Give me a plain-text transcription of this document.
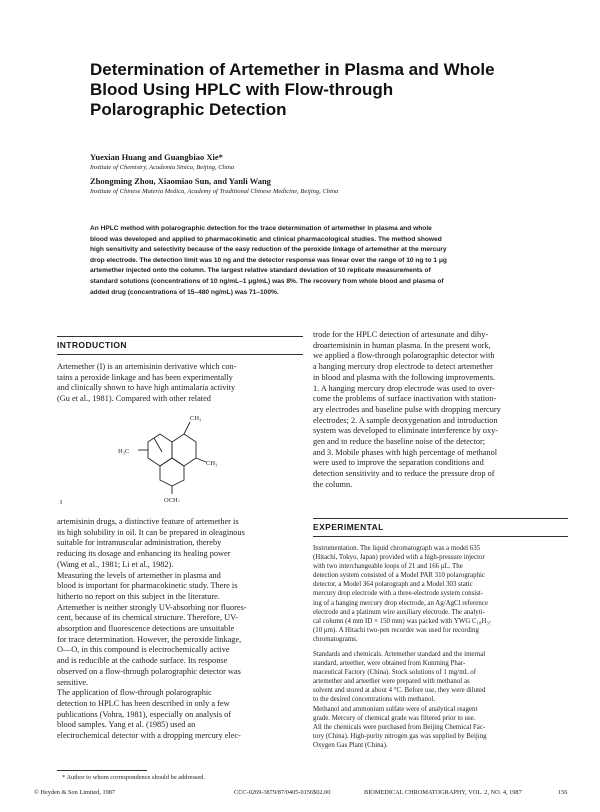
Determination of Artemether in Plasma and Whole
Blood Using HPLC with Flow-through
Polarographic Detection
Yuexian Huang and Guangbiao Xie*
Institute of Chemistry, Academia Sinica, Beijing, China
Zhongming Zhou, Xiaomiao Sun, and Yanli Wang
Institute of Chinese Materia Medica, Academy of Traditional Chinese Medicine, Beijing, China
An HPLC method with polarographic detection for the trace determination of artemether in plasma and whole
blood was developed and applied to pharmacokinetic and clinical pharmacological studies. The method showed
high sensitivity and selectivity because of the easy reduction of the peroxide linkage of artemether at the mercury
drop electrode. The detection limit was 10 ng and the detector response was linear over the range of 10 ng to 1 μg
artemether injected onto the column. The largest relative standard deviation of 10 replicate measurements of
standard solutions (concentrations of 10 ng/mL–1 μg/mL) was 8%. The recovery from whole blood and plasma of
added drug (concentrations of 15–480 ng/mL) was 71–100%.
INTRODUCTION
Artemether (I) is an artemisinin derivative which con-
tains a peroxide linkage and has been experimentally
and clinically shown to have high antimalaria activity
(Gu et al., 1981). Compared with other related
CH₃
H₃C
CH₃
OCH₃
I
artemisinin drugs, a distinctive feature of artemether is
its high solubility in oil. It can be prepared in oleaginous
suitable for intramuscular administration, thereby
reducing its dosage and enhancing its healing power
(Wang et al., 1981; Li et al., 1982).
Measuring the levels of artemether in plasma and
blood is important for pharmacokinetic study. There is
hitherto no report on this subject in the literature.
Artemether is neither strongly UV-absorbing nor fluores-
cent, because of its chemical structure. Therefore, UV-
absorption and fluorescence detections are unsuitable
for trace determination. However, the peroxide linkage,
O—O, in this compound is electrochemically active
and is reducible at the cathode surface. Its response
observed on a flow-through polarographic detector was
sensitive.
The application of flow-through polarographic
detection to HPLC has been described in only a few
publications (Vohra, 1981), especially on analysis of
blood samples. Yang et al. (1985) used an
electrochemical detector with a dropping mercury elec-
trode for the HPLC detection of artesunate and dihy-
droartemisinin in human plasma. In the present work,
we applied a flow-through polarographic detector with
a hanging mercury drop electrode to detect artemether
in blood and plasma with the following improvements.
1. A hanging mercury drop electrode was used to over-
come the problems of surface inactivation with station-
ary electrodes and baseline pulse with dropping mercury
electrodes; 2. A sample deoxygenation and introduction
system was developed to eliminate interference by oxy-
gen and to reduce the baseline noise of the detector;
and 3. Mobile phases with high percentage of methanol
were used to improve the separation conditions and
detection sensitivity and to reduce the pressure drop of
the column.
EXPERIMENTAL
Instrumentation. The liquid chromatograph was a model 635
(Hitachi, Tokyo, Japan) provided with a high-pressure injector
with two interchangeable loops of 21 and 166 μL. The
detection system consisted of a Model PAR 310 polarographic
detector, a Model 364 polarograph and a Model 303 static
mercury drop electrode with a three-electrode system consist-
ing of a hanging mercury drop electrode, an Ag/AgCl reference
electrode and a platinum wire auxiliary electrode. The analyti-
cal column (4 mm ID × 150 mm) was packed with YWG C₁₈H₃₇
(10 μm). A Hitachi two-pen recorder was used for recording
chromatograms.
Standards and chemicals. Artemether standard and the internal
standard, arteether, were obtained from Kunming Phar-
maceutical Factory (China). Stock solutions of 1 mg/mL of
artemether and arteether were prepared with methanol as
solvent and stored at about 4 °C. Before use, they were diluted
to the desired concentrations with methanol.
Methanol and ammonium sulfate were of analytical reagent
grade. Mercury of chemical grade was filtered prior to use.
All the chemicals were purchased from Beijing Chemical Fac-
tory (China). High-purity nitrogen gas was supplied by Beijing
Oxygen Gas Plant (China).
* Author to whom correspondence should be addressed.
© Heyden & Son Limited, 1987	CCC-0269-3879/87/0405-0156$02.00	BIOMEDICAL CHROMATOGRAPHY, VOL. 2, NO. 4, 1987	156
